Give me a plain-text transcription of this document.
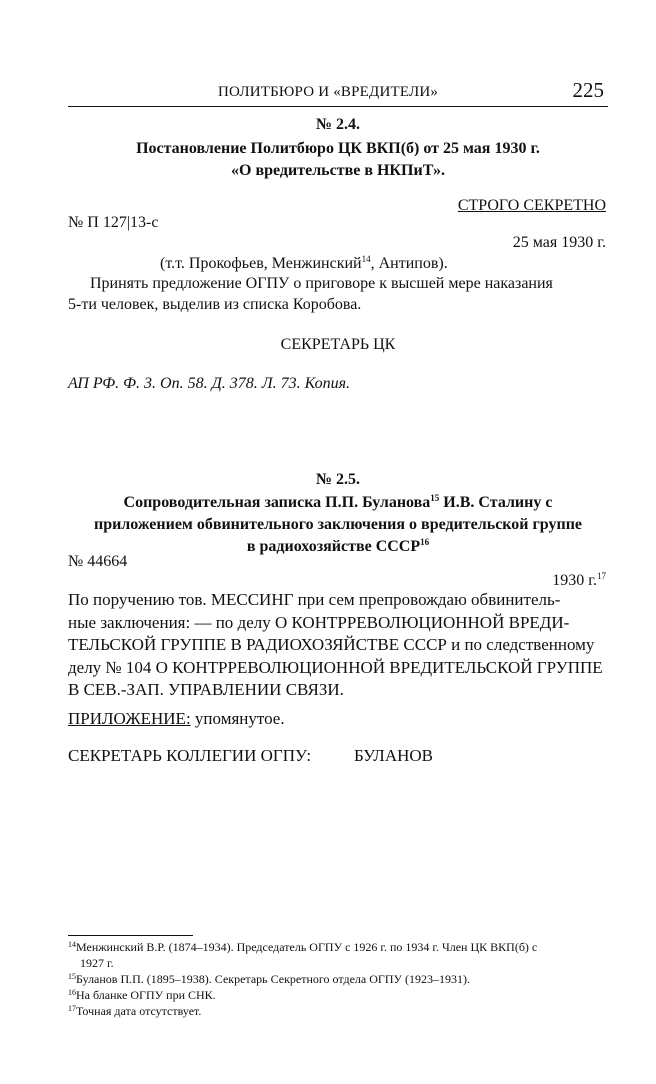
ПОЛИТБЮРО И «ВРЕДИТЕЛИ»	225
№ 2.4.
Постановление Политбюро ЦК ВКП(б) от 25 мая 1930 г.
«О вредительстве в НКПиТ».
СТРОГО СЕКРЕТНО
№ П 127|13-с
25 мая 1930 г.
(т.т. Прокофьев, Менжинский$^{14}$, Антипов).
Принять предложение ОГПУ о приговоре к высшей мере наказания
5-ти человек, выделив из списка Коробова.
СЕКРЕТАРЬ ЦК
АП РФ. Ф. 3. Оп. 58. Д. 378. Л. 73. Копия.
№ 2.5.
Сопроводительная записка П.П. Буланова$^{15}$ И.В. Сталину с
приложением обвинительного заключения о вредительской группе
в радиохозяйстве СССР$^{16}$
№ 44664
1930 г.$^{17}$
По поручению тов. МЕССИНГ при сем препровождаю обвинитель-
ные заключения: — по делу О КОНТРРЕВОЛЮЦИОННОЙ ВРЕДИ-
ТЕЛЬСКОЙ ГРУППЕ В РАДИОХОЗЯЙСТВЕ СССР и по следственному
делу № 104 О КОНТРРЕВОЛЮЦИОННОЙ ВРЕДИТЕЛЬСКОЙ ГРУППЕ
В СЕВ.-ЗАП. УПРАВЛЕНИИ СВЯЗИ.
ПРИЛОЖЕНИЕ: упомянутое.
СЕКРЕТАРЬ КОЛЛЕГИИ ОГПУ:	БУЛАНОВ
$^{14}$Менжинский В.Р. (1874–1934). Председатель ОГПУ с 1926 г. по 1934 г. Член ЦК ВКП(б) с
1927 г.
$^{15}$Буланов П.П. (1895–1938). Секретарь Секретного отдела ОГПУ (1923–1931).
$^{16}$На бланке ОГПУ при СНК.
$^{17}$Точная дата отсутствует.
